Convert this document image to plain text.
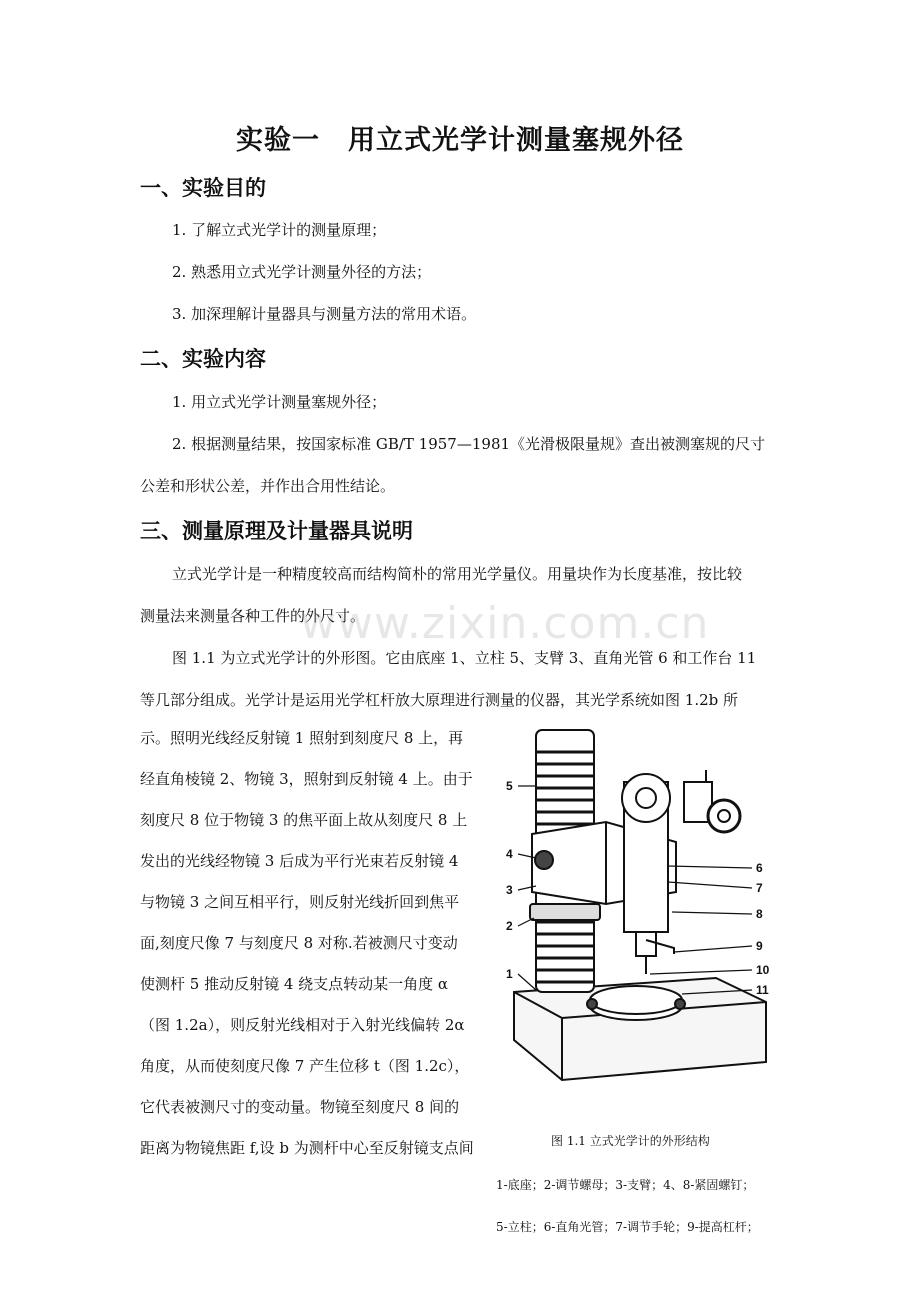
实验一　用立式光学计测量塞规外径
一、实验目的
1. 了解立式光学计的测量原理；
2. 熟悉用立式光学计测量外径的方法；
3. 加深理解计量器具与测量方法的常用术语。
二、实验内容
1. 用立式光学计测量塞规外径；
2. 根据测量结果，按国家标准 GB/T 1957—1981《光滑极限量规》查出被测塞规的尺寸
公差和形状公差，并作出合用性结论。
三、测量原理及计量器具说明
立式光学计是一种精度较高而结构简朴的常用光学量仪。用量块作为长度基准，按比较
测量法来测量各种工件的外尺寸。
图 1.1 为立式光学计的外形图。它由底座 1、立柱 5、支臂 3、直角光管 6 和工作台 11
等几部分组成。光学计是运用光学杠杆放大原理进行测量的仪器，其光学系统如图 1.2b 所
示。照明光线经反射镜 1 照射到刻度尺 8 上，再
经直角棱镜 2、物镜 3，照射到反射镜 4 上。由于
刻度尺 8 位于物镜 3 的焦平面上故从刻度尺 8 上
发出的光线经物镜 3 后成为平行光束若反射镜 4
与物镜 3 之间互相平行，则反射光线折回到焦平
面,刻度尺像 7 与刻度尺 8 对称.若被测尺寸变动
使测杆 5 推动反射镜 4 绕支点转动某一角度 α
（图 1.2a），则反射光线相对于入射光线偏转 2α
角度，从而使刻度尺像 7 产生位移 t（图 1.2c），
它代表被测尺寸的变动量。物镜至刻度尺 8 间的
距离为物镜焦距 f,设 b 为测杆中心至反射镜支点间
www.zixin.com.cn
5
4
3
2
1
6
7
8
9
10
11
图 1.1 立式光学计的外形结构
1-底座；2-调节螺母；3-支臂；4、8-紧固螺钉；
5-立柱；6-直角光管；7-调节手轮；9-提高杠杆；
